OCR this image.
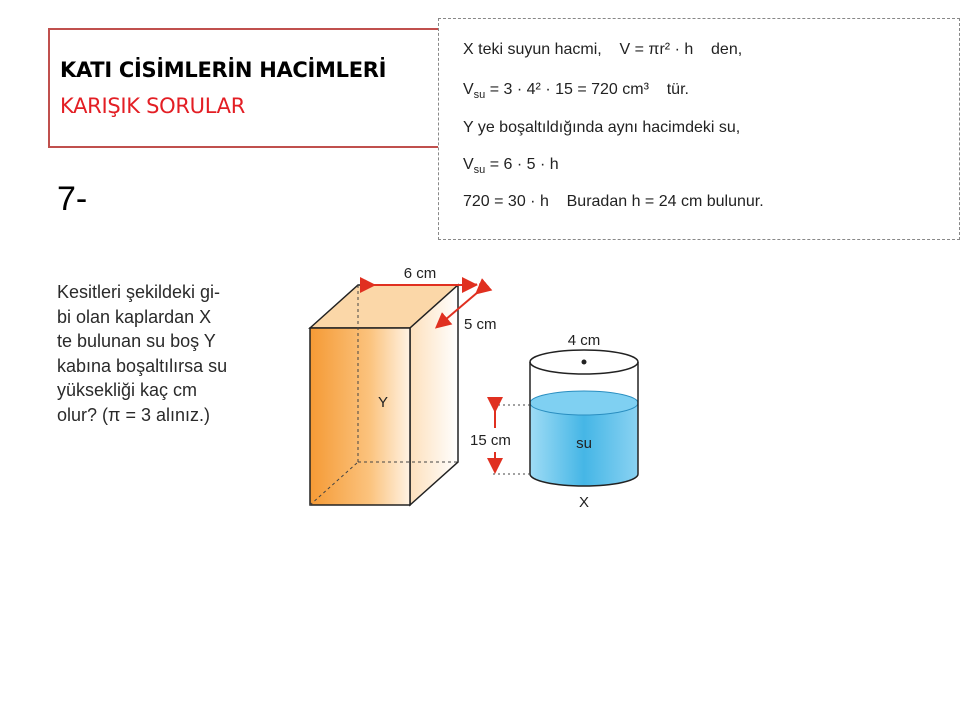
KATI CİSİMLERİN HACİMLERİ
KARIŞIK SORULAR
7-
X teki suyun hacmi, V = πr² · h den,
$V_{su} = 3 \cdot 4^2 \cdot 15 = 720$ cm³ tür.
Y ye boşaltıldığında aynı hacimdeki su,
$V_{su} = 6 \cdot 5 \cdot h$
720 = 30 · h Buradan h = 24 cm bulunur.
Kesitleri şekildeki gi-
bi olan kaplardan X
te bulunan su boş Y
kabına boşaltılırsa su
yüksekliği kaç cm
olur? (π = 3 alınız.)
Y
6 cm
5 cm
4 cm
su
X
15 cm
